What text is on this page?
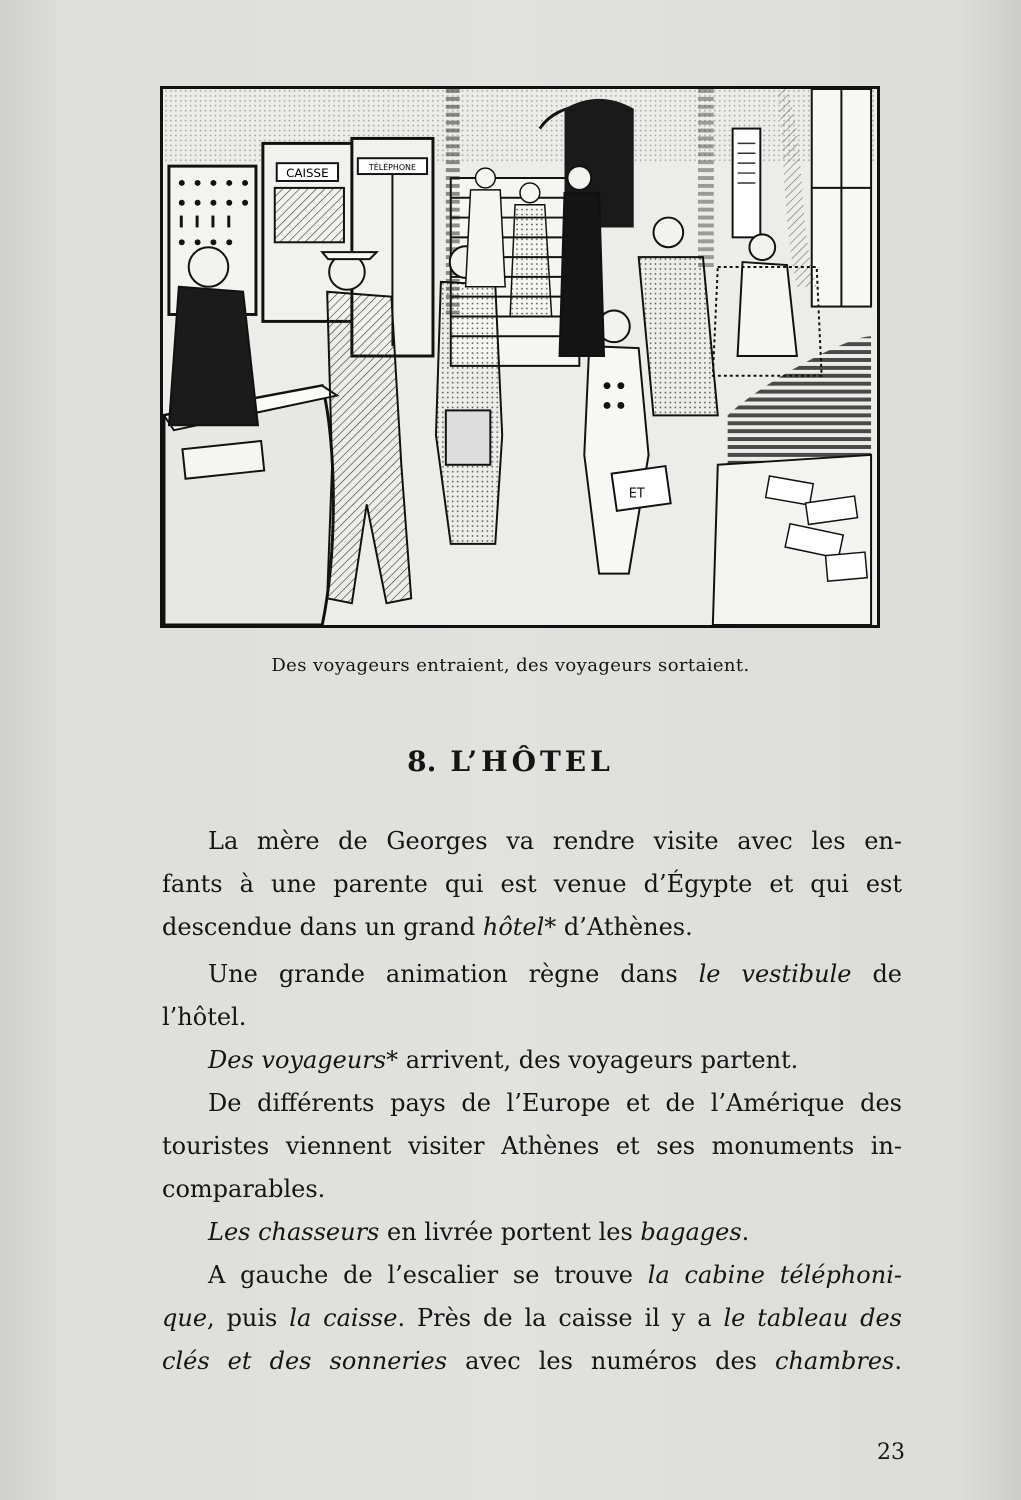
CAISSE	TÉLÉPHONE
ET
Des voyageurs entraient, des voyageurs sortaient.
8. L’HÔTEL
La mère de Georges va rendre visite avec les en-
fants à une parente qui est venue d’Égypte et qui est
descendue dans un grand hôtel* d’Athènes.
Une grande animation règne dans le vestibule de
l’hôtel.
Des voyageurs* arrivent, des voyageurs partent.
De différents pays de l’Europe et de l’Amérique des
touristes viennent visiter Athènes et ses monuments in-
comparables.
Les chasseurs en livrée portent les bagages.
A gauche de l’escalier se trouve la cabine téléphoni-
que, puis la caisse. Près de la caisse il y a le tableau des
clés et des sonneries avec les numéros des chambres.
23
